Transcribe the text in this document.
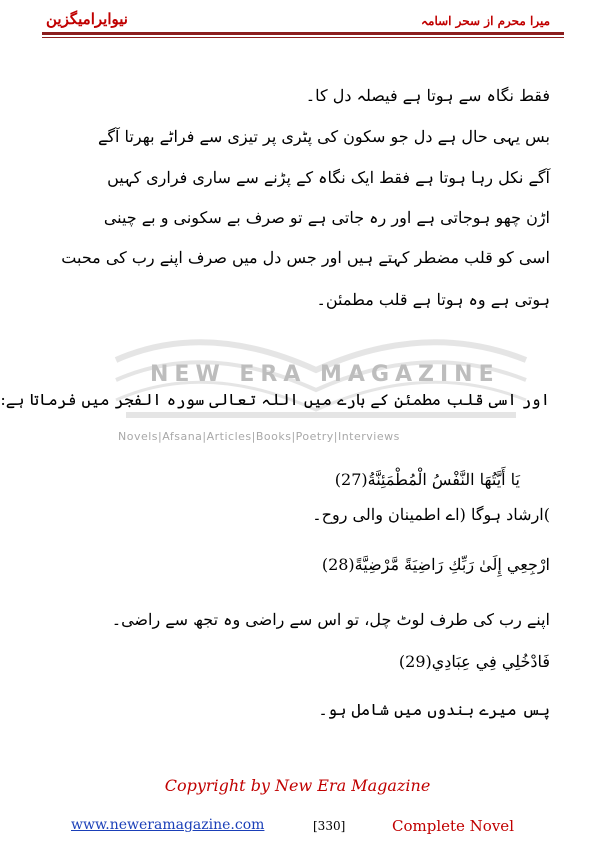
نیوایرامیگزین	میرا محرم از سحر اسامہ
NEW ERA MAGAZINE
Novels|Afsana|Articles|Books|Poetry|Interviews
فقط نگاہ سے ہوتا ہے فیصلہ دل کا۔
بس یہی حال ہے دل جو سکون کی پٹری پر تیزی سے فراٹے بھرتا آگے
آگے نکل رہا ہوتا ہے فقط ایک نگاہ کے پڑنے سے ساری فراری کہیں
اڑن چھو ہوجاتی ہے اور رہ جاتی ہے تو صرف بے سکونی و بے چینی
اسی کو قلب مضطر کہتے ہیں اور جس دل میں صرف اپنے رب کی محبت
ہوتی ہے وہ ہوتا ہے قلب مطمئن۔
اور اسی قلب مطمئن کے بارے میں اللہ تعالی سورہ الفجر میں فرماتا ہے:
يَا أَيَّتُهَا النَّفْسُ الْمُطْمَئِنَّةُ(27)
)ارشاد ہوگا (اے اطمینان والی روح۔
ارْجِعِي إِلَىٰ رَبِّكِ رَاضِيَةً مَّرْضِيَّةً(28)
اپنے رب کی طرف لوٹ چل، تو اس سے راضی وہ تجھ سے راضی۔
فَادْخُلِي فِي عِبَادِي(29)
پس میرے بندوں میں شامل ہو۔
Copyright by New Era Magazine
www.neweramagazine.com	[330]	Complete Novel
